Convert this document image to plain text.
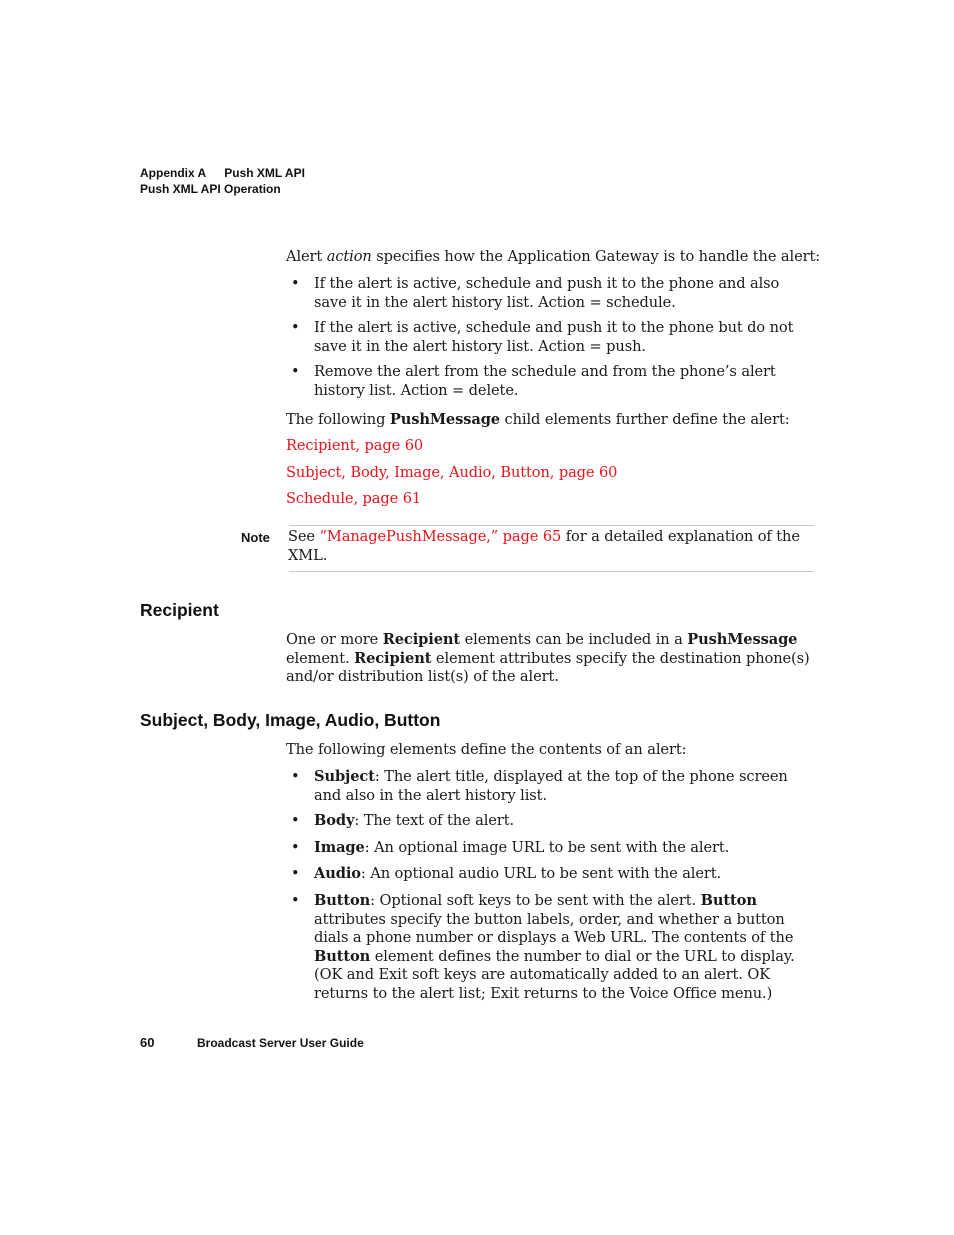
Appendix A Push XML API
Push XML API Operation
Alert action specifies how the Application Gateway is to handle the alert:
• If the alert is active, schedule and push it to the phone and also save it in the alert history list. Action = schedule.
• If the alert is active, schedule and push it to the phone but do not save it in the alert history list. Action = push.
• Remove the alert from the schedule and from the phone’s alert history list. Action = delete.
The following PushMessage child elements further define the alert:
Recipient, page 60
Subject, Body, Image, Audio, Button, page 60
Schedule, page 61
Note See “ManagePushMessage,” page 65 for a detailed explanation of the XML.
Recipient
One or more Recipient elements can be included in a PushMessage element. Recipient element attributes specify the destination phone(s) and/or distribution list(s) of the alert.
Subject, Body, Image, Audio, Button
The following elements define the contents of an alert:
• Subject: The alert title, displayed at the top of the phone screen and also in the alert history list.
• Body: The text of the alert.
• Image: An optional image URL to be sent with the alert.
• Audio: An optional audio URL to be sent with the alert.
• Button: Optional soft keys to be sent with the alert. Button attributes specify the button labels, order, and whether a button dials a phone number or displays a Web URL. The contents of the Button element defines the number to dial or the URL to display. (OK and Exit soft keys are automatically added to an alert. OK returns to the alert list; Exit returns to the Voice Office menu.)
60	Broadcast Server User Guide
